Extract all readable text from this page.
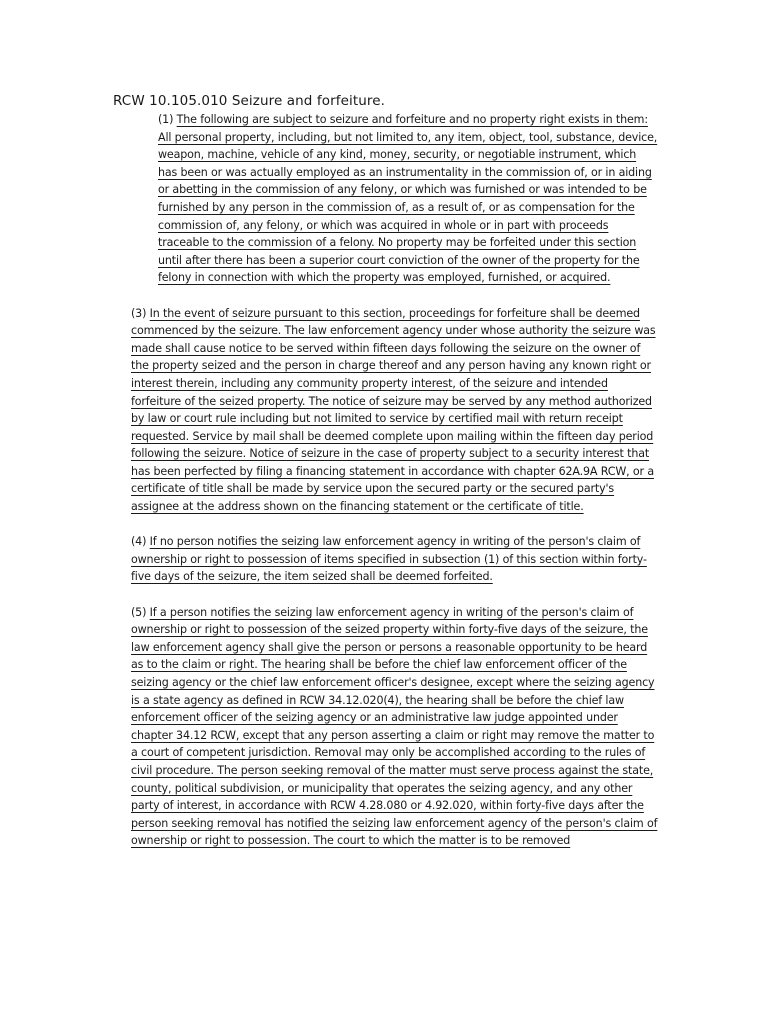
RCW 10.105.010 Seizure and forfeiture.

(1) The following are subject to seizure and forfeiture and no property right exists in them: All personal property, including, but not limited to, any item, object, tool, substance, device, weapon, machine, vehicle of any kind, money, security, or negotiable instrument, which has been or was actually employed as an instrumentality in the commission of, or in aiding or abetting in the commission of any felony, or which was furnished or was intended to be furnished by any person in the commission of, as a result of, or as compensation for the commission of, any felony, or which was acquired in whole or in part with proceeds traceable to the commission of a felony. No property may be forfeited under this section until after there has been a superior court conviction of the owner of the property for the felony in connection with which the property was employed, furnished, or acquired.

(3) In the event of seizure pursuant to this section, proceedings for forfeiture shall be deemed commenced by the seizure. The law enforcement agency under whose authority the seizure was made shall cause notice to be served within fifteen days following the seizure on the owner of the property seized and the person in charge thereof and any person having any known right or interest therein, including any community property interest, of the seizure and intended forfeiture of the seized property. The notice of seizure may be served by any method authorized by law or court rule including but not limited to service by certified mail with return receipt requested. Service by mail shall be deemed complete upon mailing within the fifteen day period following the seizure. Notice of seizure in the case of property subject to a security interest that has been perfected by filing a financing statement in accordance with chapter 62A.9A RCW, or a certificate of title shall be made by service upon the secured party or the secured party's assignee at the address shown on the financing statement or the certificate of title.

(4) If no person notifies the seizing law enforcement agency in writing of the person's claim of ownership or right to possession of items specified in subsection (1) of this section within forty-five days of the seizure, the item seized shall be deemed forfeited.

(5) If a person notifies the seizing law enforcement agency in writing of the person's claim of ownership or right to possession of the seized property within forty-five days of the seizure, the law enforcement agency shall give the person or persons a reasonable opportunity to be heard as to the claim or right. The hearing shall be before the chief law enforcement officer of the seizing agency or the chief law enforcement officer's designee, except where the seizing agency is a state agency as defined in RCW 34.12.020(4), the hearing shall be before the chief law enforcement officer of the seizing agency or an administrative law judge appointed under chapter 34.12 RCW, except that any person asserting a claim or right may remove the matter to a court of competent jurisdiction. Removal may only be accomplished according to the rules of civil procedure. The person seeking removal of the matter must serve process against the state, county, political subdivision, or municipality that operates the seizing agency, and any other party of interest, in accordance with RCW 4.28.080 or 4.92.020, within forty-five days after the person seeking removal has notified the seizing law enforcement agency of the person's claim of ownership or right to possession. The court to which the matter is to be removed
